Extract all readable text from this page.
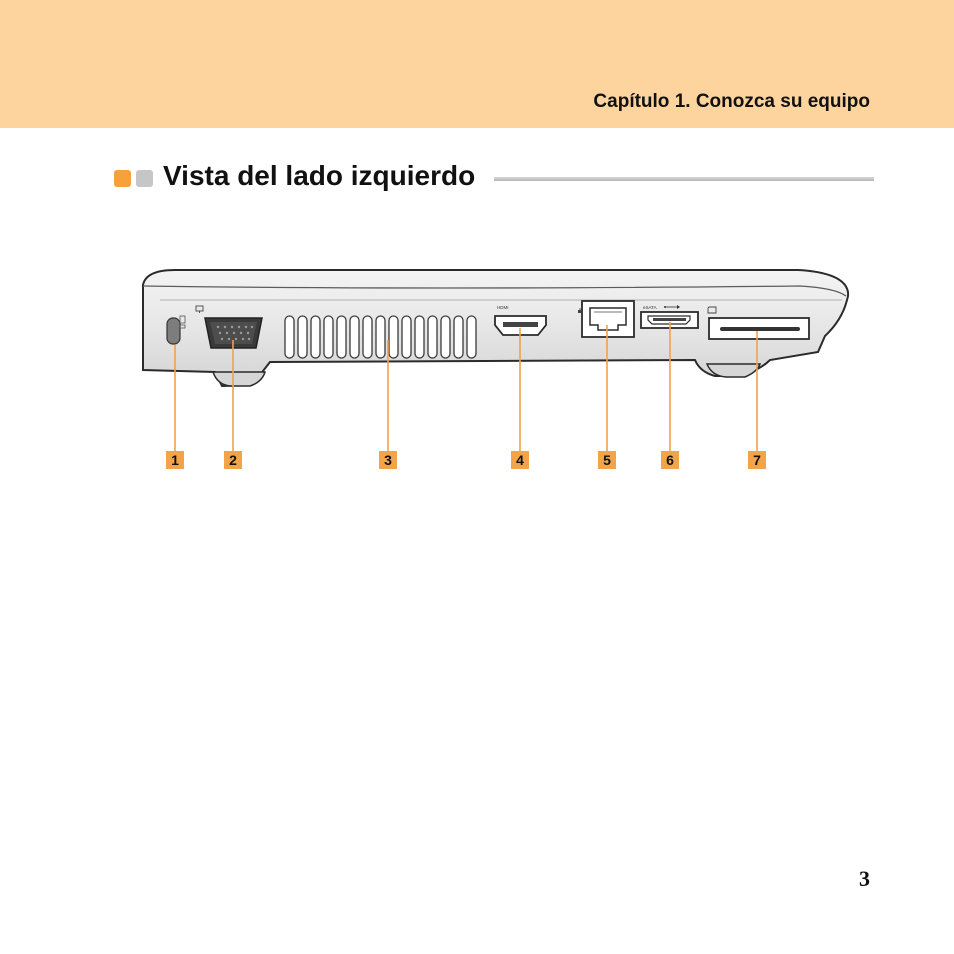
Capítulo 1. Conozca su equipo
Vista del lado izquierdo
HDMI	eSATA
1	2	3	4	5	6	7
3
